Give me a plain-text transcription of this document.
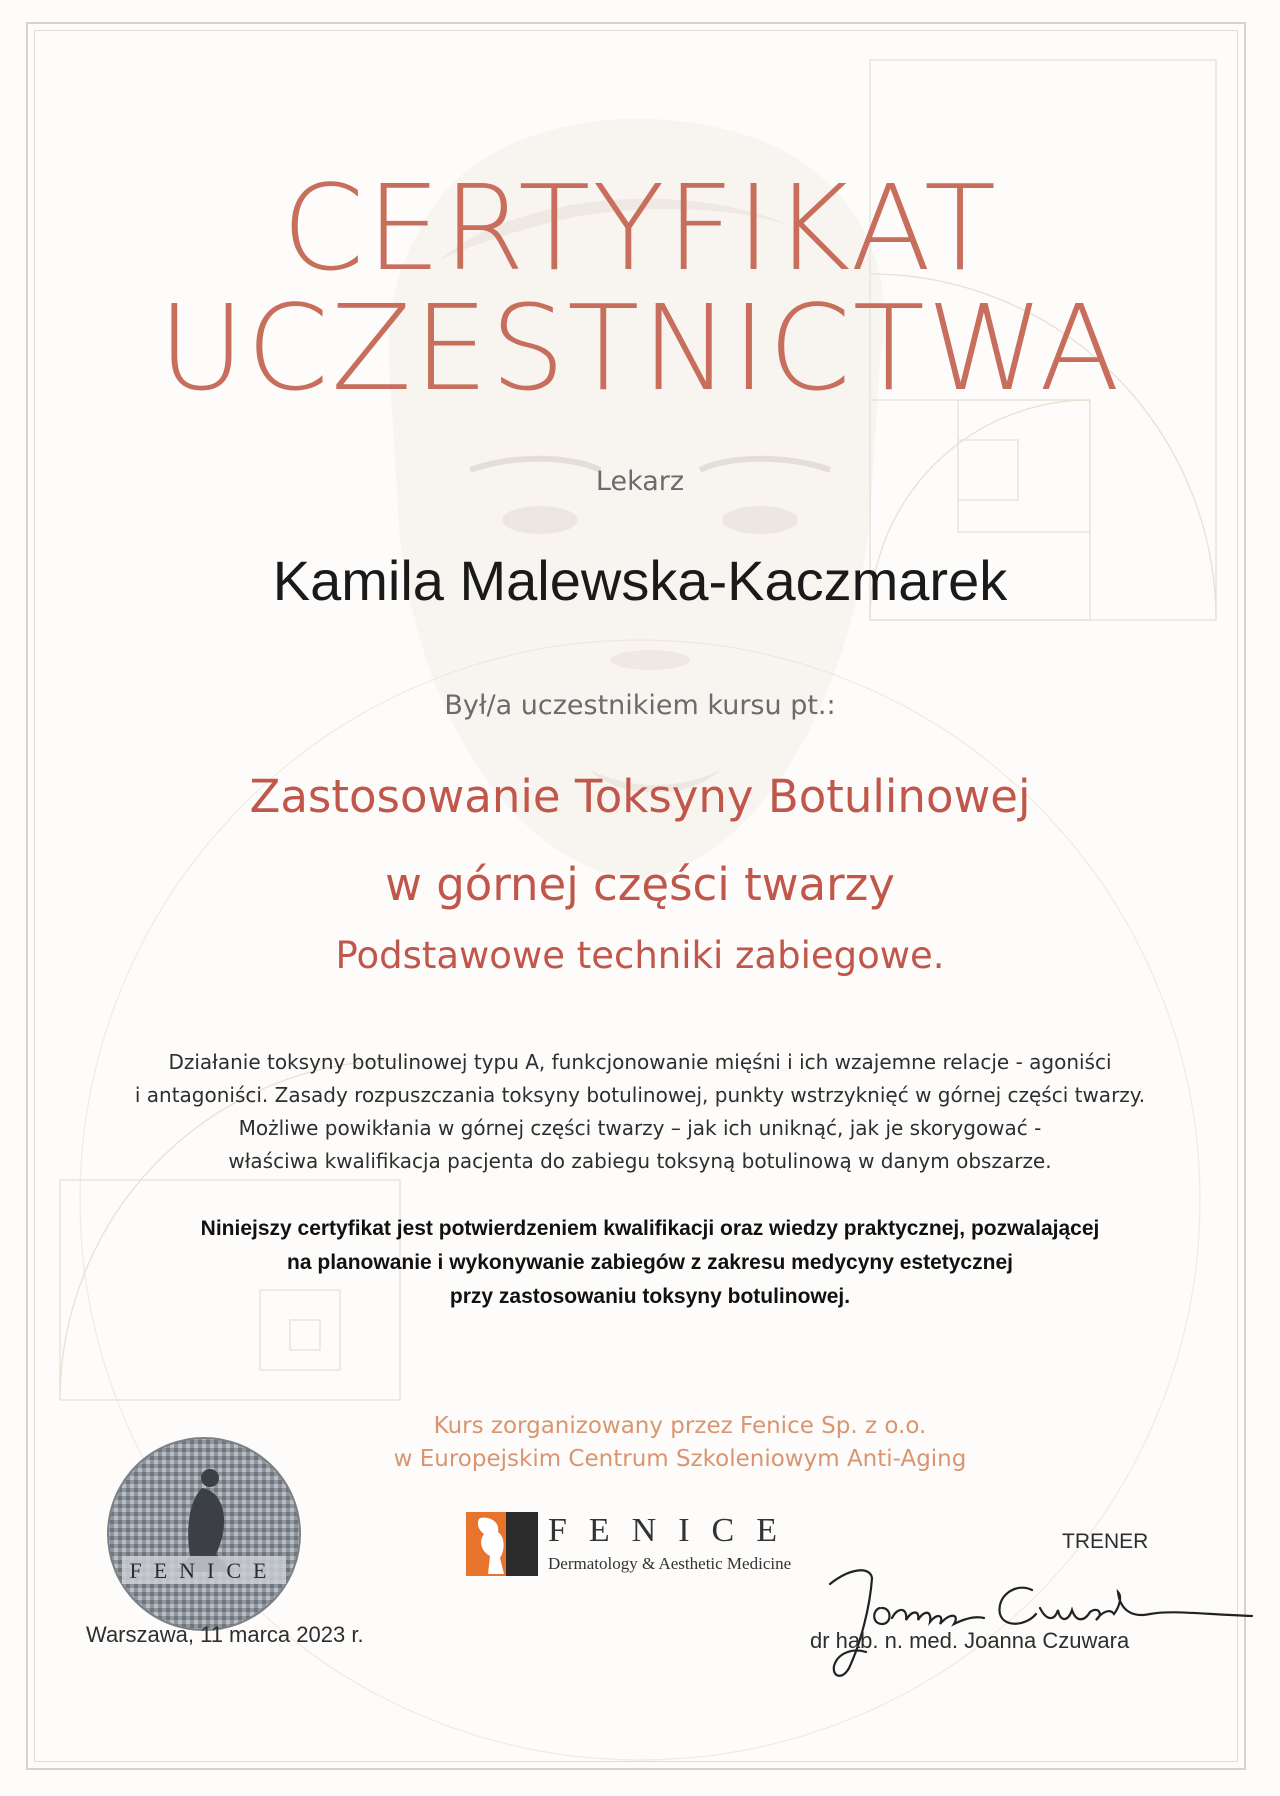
CERTYFIKAT
UCZESTNICTWA
Lekarz
Kamila Malewska-Kaczmarek
Był/a uczestnikiem kursu pt.:
Zastosowanie Toksyny Botulinowej
w górnej części twarzy
Podstawowe techniki zabiegowe.
Działanie toksyny botulinowej typu A, funkcjonowanie mięśni i ich wzajemne relacje - agoniści
i antagoniści. Zasady rozpuszczania toksyny botulinowej, punkty wstrzyknięć w górnej części twarzy.
Możliwe powikłania w górnej części twarzy – jak ich uniknąć, jak je skorygować -
właściwa kwalifikacja pacjenta do zabiegu toksyną botulinową w danym obszarze.
Niniejszy certyfikat jest potwierdzeniem kwalifikacji oraz wiedzy praktycznej, pozwalającej
na planowanie i wykonywanie zabiegów z zakresu medycyny estetycznej
przy zastosowaniu toksyny botulinowej.
Kurs zorganizowany przez Fenice Sp. z o.o.
w Europejskim Centrum Szkoleniowym Anti-Aging
FENICE
FENICE
Dermatology & Aesthetic Medicine
TRENER
dr hab. n. med. Joanna Czuwara
Warszawa, 11 marca 2023 r.
